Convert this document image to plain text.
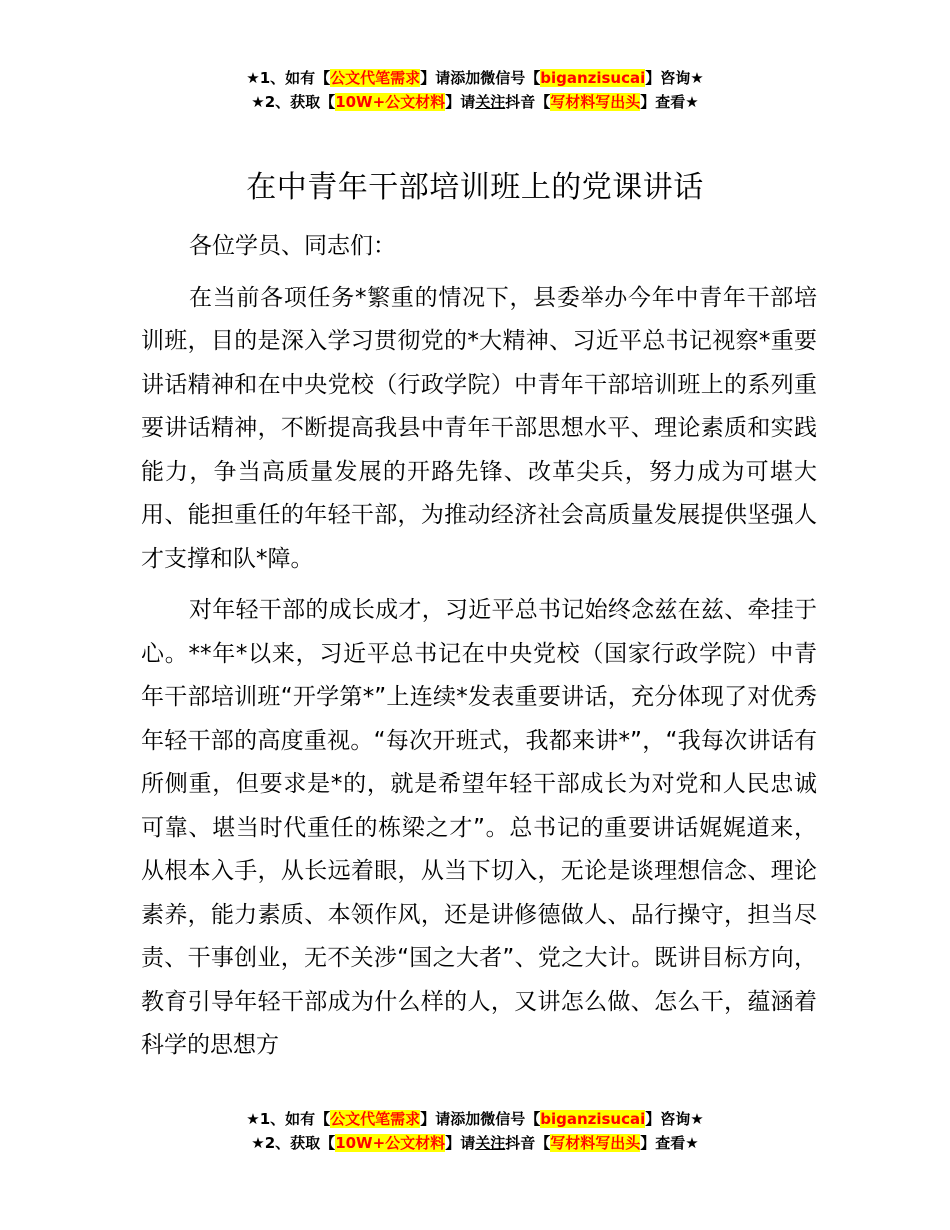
★1、如有【公文代笔需求】请添加微信号【biganzisucai】咨询★
★2、获取【10W+公文材料】请关注抖音【写材料写出头】查看★
在中青年干部培训班上的党课讲话

各位学员、同志们：

在当前各项任务*繁重的情况下，县委举办今年中青年干部培训班，目的是深入学习贯彻党的*大精神、习近平总书记视察*重要讲话精神和在中央党校（行政学院）中青年干部培训班上的系列重要讲话精神，不断提高我县中青年干部思想水平、理论素质和实践能力，争当高质量发展的开路先锋、改革尖兵，努力成为可堪大用、能担重任的年轻干部，为推动经济社会高质量发展提供坚强人才支撑和队*障。

对年轻干部的成长成才，习近平总书记始终念兹在兹、牵挂于心。**年*以来，习近平总书记在中央党校（国家行政学院）中青年干部培训班“开学第*”上连续*发表重要讲话，充分体现了对优秀年轻干部的高度重视。“每次开班式，我都来讲*”，“我每次讲话有所侧重，但要求是*的，就是希望年轻干部成长为对党和人民忠诚可靠、堪当时代重任的栋梁之才”。总书记的重要讲话娓娓道来，从根本入手，从长远着眼，从当下切入，无论是谈理想信念、理论素养，能力素质、本领作风，还是讲修德做人、品行操守，担当尽责、干事创业，无不关涉“国之大者”、党之大计。既讲目标方向，教育引导年轻干部成为什么样的人，又讲怎么做、怎么干，蕴涵着科学的思想方

★1、如有【公文代笔需求】请添加微信号【biganzisucai】咨询★
★2、获取【10W+公文材料】请关注抖音【写材料写出头】查看★
